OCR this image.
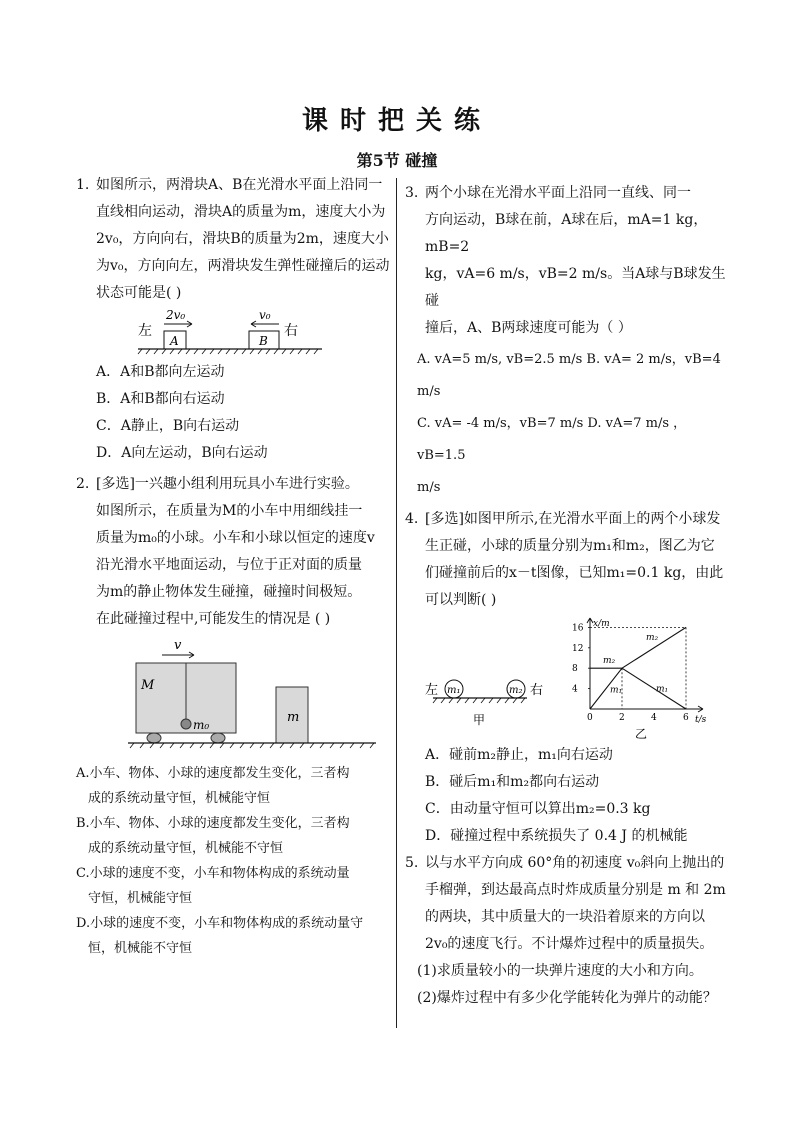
课时把关练
第5节 碰撞
1. 如图所示，两滑块A、B在光滑水平面上沿同一
直线相向运动，滑块A的质量为m，速度大小为
2v₀，方向向右，滑块B的质量为2m，速度大小
为v₀，方向向左，两滑块发生弹性碰撞后的运动
状态可能是( )
左
2v₀
A
v₀
B
右
A．A和B都向左运动
B．A和B都向右运动
C．A静止，B向右运动
D．A向左运动，B向右运动
2. [多选]一兴趣小组利用玩具小车进行实验。
如图所示，在质量为M的小车中用细线挂一
质量为m₀的小球。小车和小球以恒定的速度v
沿光滑水平地面运动，与位于正对面的质量
为m的静止物体发生碰撞，碰撞时间极短。
在此碰撞过程中,可能发生的情况是 ( )
v
M
m₀	m
A.小车、物体、小球的速度都发生变化，三者构
成的系统动量守恒，机械能守恒
B.小车、物体、小球的速度都发生变化，三者构
成的系统动量守恒，机械能不守恒
C.小球的速度不变，小车和物体构成的系统动量
守恒，机械能守恒
D.小球的速度不变，小车和物体构成的系统动量守
恒，机械能不守恒
3. 两个小球在光滑水平面上沿同一直线、同一
方向运动，B球在前，A球在后，mA=1 kg，mB=2
kg，vA=6 m/s，vB=2 m/s。当A球与B球发生碰
撞后，A、B两球速度可能为（ ）
A. vA=5 m/s, vB=2.5 m/s B. vA= 2 m/s，vB=4 m/s
C. vA= -4 m/s，vB=7 m/s D. vA=7 m/s ， vB=1.5
m/s
4. [多选]如图甲所示,在光滑水平面上的两个小球发
生正碰，小球的质量分别为m₁和m₂，图乙为它
们碰撞前后的x－t图像，已知m₁=0.1 kg，由此
可以判断( )
左 m₁	m₂ 右
甲
x/m
t/s
乙
0	2	4	6
4
8
12
16
m₂
m₁
m₂
m₁
A．碰前m₂静止，m₁向右运动
B．碰后m₁和m₂都向右运动
C．由动量守恒可以算出m₂=0.3 kg
D．碰撞过程中系统损失了 0.4 J 的机械能
5. 以与水平方向成 60°角的初速度 v₀斜向上抛出的
手榴弹，到达最高点时炸成质量分别是 m 和 2m
的两块，其中质量大的一块沿着原来的方向以
2v₀的速度飞行。不计爆炸过程中的质量损失。
(1)求质量较小的一块弹片速度的大小和方向。
(2)爆炸过程中有多少化学能转化为弹片的动能？
